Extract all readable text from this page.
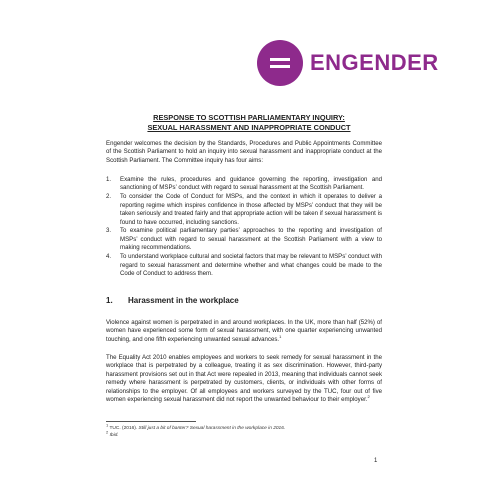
ENGENDER
RESPONSE TO SCOTTISH PARLIAMENTARY INQUIRY:
SEXUAL HARASSMENT AND INAPPROPRIATE CONDUCT
Engender welcomes the decision by the Standards, Procedures and Public Appointments Committee of the Scottish Parliament to hold an inquiry into sexual harassment and inappropriate conduct at the Scottish Parliament. The Committee inquiry has four aims:
1.	Examine the rules, procedures and guidance governing the reporting, investigation and sanctioning of MSPs’ conduct with regard to sexual harassment at the Scottish Parliament.
2.	To consider the Code of Conduct for MSPs, and the context in which it operates to deliver a reporting regime which inspires confidence in those affected by MSPs’ conduct that they will be taken seriously and treated fairly and that appropriate action will be taken if sexual harassment is found to have occurred, including sanctions.
3.	To examine political parliamentary parties’ approaches to the reporting and investigation of MSPs’ conduct with regard to sexual harassment at the Scottish Parliament with a view to making recommendations.
4.	To understand workplace cultural and societal factors that may be relevant to MSPs’ conduct with regard to sexual harassment and determine whether and what changes could be made to the Code of Conduct to address them.
1.	Harassment in the workplace
Violence against women is perpetrated in and around workplaces. In the UK, more than half (52%) of women have experienced some form of sexual harassment, with one quarter experiencing unwanted touching, and one fifth experiencing unwanted sexual advances.$^1$
The Equality Act 2010 enables employees and workers to seek remedy for sexual harassment in the workplace that is perpetrated by a colleague, treating it as sex discrimination. However, third-party harassment provisions set out in that Act were repealed in 2013, meaning that individuals cannot seek remedy where harassment is perpetrated by customers, clients, or individuals with other forms of relationships to the employer. Of all employees and workers surveyed by the TUC, four out of five women experiencing sexual harassment did not report the unwanted behaviour to their employer.$^2$
$^1$ TUC. (2016). Still just a bit of banter? Sexual harassment in the workplace in 2016.
$^2$ Ibid.
1
